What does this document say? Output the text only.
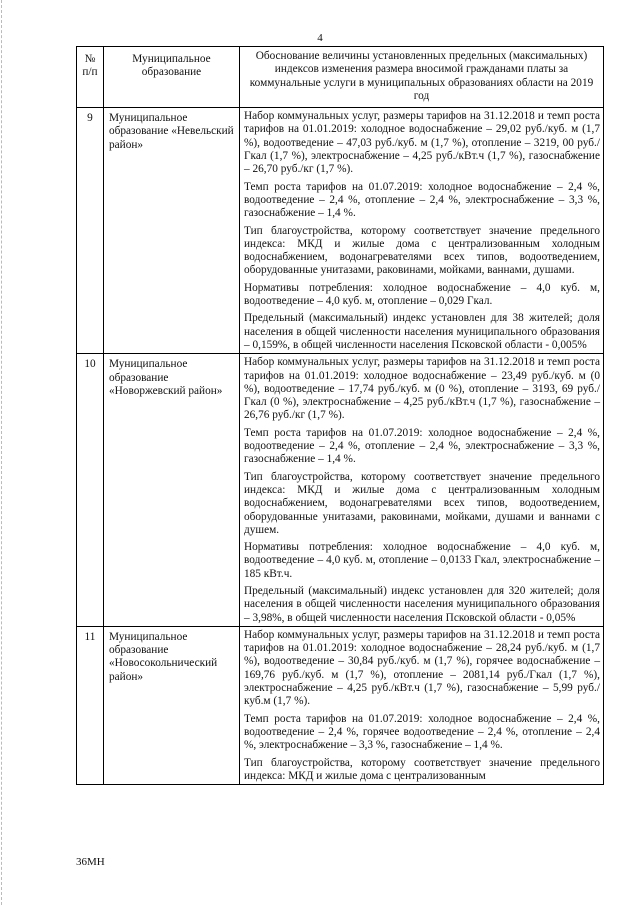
4
№
п/п	Муниципальное образование	Обоснование величины установленных предельных (максимальных) индексов изменения размера вносимой гражданами платы за коммунальные услуги в муниципальных образованиях области на 2019 год
9	Муниципальное образование «Невельский район»	Набор коммунальных услуг, размеры тарифов на 31.12.2018 и темп роста тарифов на 01.01.2019: холодное водоснабжение – 29,02 руб./куб. м (1,7 %), водоотведение – 47,03 руб./куб. м (1,7 %), отопление – 3219, 00 руб./Гкал (1,7 %), электроснабжение – 4,25 руб./кВт.ч (1,7 %), газоснабжение – 26,70 руб./кг (1,7 %).
Темп роста тарифов на 01.07.2019: холодное водоснабжение – 2,4 %, водоотведение – 2,4 %, отопление – 2,4 %, электроснабжение – 3,3 %, газоснабжение – 1,4 %.
Тип благоустройства, которому соответствует значение предельного индекса: МКД и жилые дома с централизованным холодным водоснабжением, водонагревателями всех типов, водоотведением, оборудованные унитазами, раковинами, мойками, ваннами, душами.
Нормативы потребления: холодное водоснабжение – 4,0 куб. м, водоотведение – 4,0 куб. м, отопление – 0,029 Гкал.
Предельный (максимальный) индекс установлен для 38 жителей; доля населения в общей численности населения муниципального образования – 0,159%, в общей численности населения Псковской области - 0,005%

10	Муниципальное образование «Новоржевский район»	Набор коммунальных услуг, размеры тарифов на 31.12.2018 и темп роста тарифов на 01.01.2019: холодное водоснабжение – 23,49 руб./куб. м (0 %), водоотведение – 17,74 руб./куб. м (0 %), отопление – 3193, 69 руб./Гкал (0 %), электроснабжение – 4,25 руб./кВт.ч (1,7 %), газоснабжение – 26,76 руб./кг (1,7 %).
Темп роста тарифов на 01.07.2019: холодное водоснабжение – 2,4 %, водоотведение – 2,4 %, отопление – 2,4 %, электроснабжение – 3,3 %, газоснабжение – 1,4 %.
Тип благоустройства, которому соответствует значение предельного индекса: МКД и жилые дома с централизованным холодным водоснабжением, водонагревателями всех типов, водоотведением, оборудованные унитазами, раковинами, мойками, душами и ваннами с душем.
Нормативы потребления: холодное водоснабжение – 4,0 куб. м, водоотведение – 4,0 куб. м, отопление – 0,0133 Гкал, электроснабжение – 185 кВт.ч.
Предельный (максимальный) индекс установлен для 320 жителей; доля населения в общей численности населения муниципального образования – 3,98%, в общей численности населения Псковской области - 0,05%

11	Муниципальное образование «Новосокольнический район»	Набор коммунальных услуг, размеры тарифов на 31.12.2018 и темп роста тарифов на 01.01.2019: холодное водоснабжение – 28,24 руб./куб. м (1,7 %), водоотведение – 30,84 руб./куб. м (1,7 %), горячее водоснабжение – 169,76 руб./куб. м (1,7 %), отопление – 2081,14 руб./Гкал (1,7 %), электроснабжение – 4,25 руб./кВт.ч (1,7 %), газоснабжение – 5,99 руб./куб.м (1,7 %).
Темп роста тарифов на 01.07.2019: холодное водоснабжение – 2,4 %, водоотведение – 2,4 %, горячее водоотведение – 2,4 %, отопление – 2,4 %, электроснабжение – 3,3 %, газоснабжение – 1,4 %.
Тип благоустройства, которому соответствует значение предельного индекса: МКД и жилые дома с централизованным
36МН
